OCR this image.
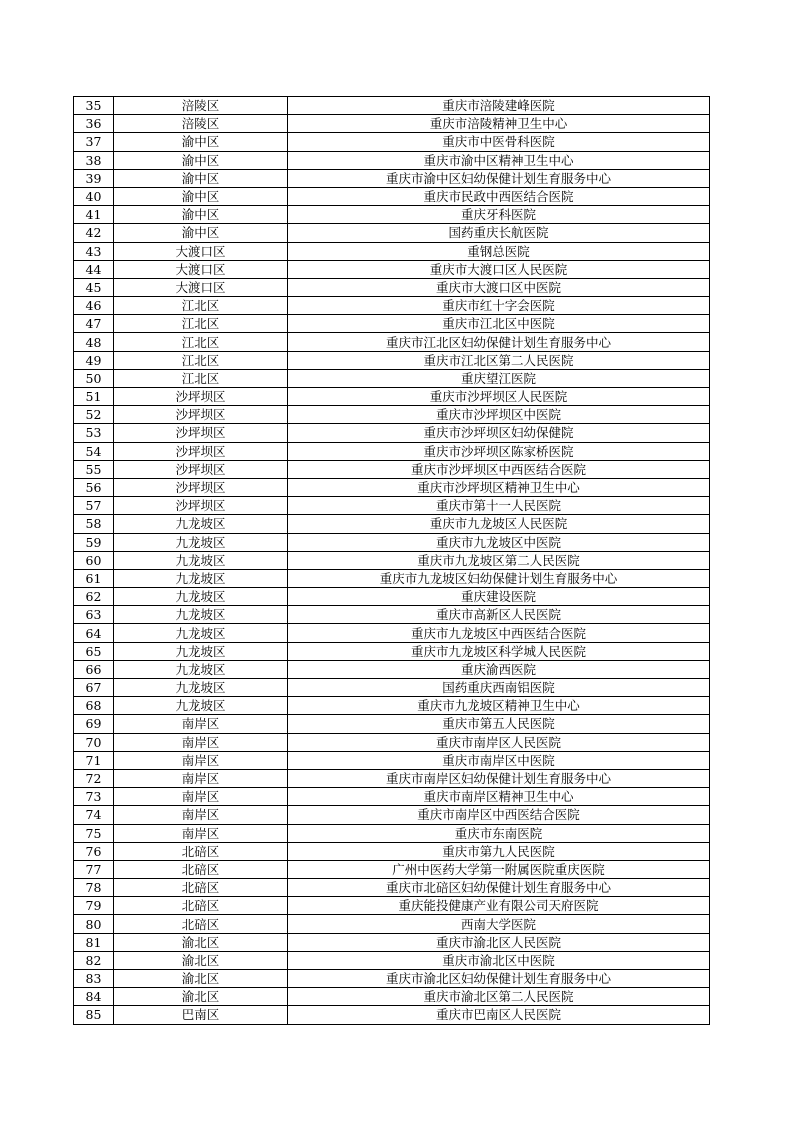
35	涪陵区	重庆市涪陵建峰医院
36	涪陵区	重庆市涪陵精神卫生中心
37	渝中区	重庆市中医骨科医院
38	渝中区	重庆市渝中区精神卫生中心
39	渝中区	重庆市渝中区妇幼保健计划生育服务中心
40	渝中区	重庆市民政中西医结合医院
41	渝中区	重庆牙科医院
42	渝中区	国药重庆长航医院
43	大渡口区	重钢总医院
44	大渡口区	重庆市大渡口区人民医院
45	大渡口区	重庆市大渡口区中医院
46	江北区	重庆市红十字会医院
47	江北区	重庆市江北区中医院
48	江北区	重庆市江北区妇幼保健计划生育服务中心
49	江北区	重庆市江北区第二人民医院
50	江北区	重庆望江医院
51	沙坪坝区	重庆市沙坪坝区人民医院
52	沙坪坝区	重庆市沙坪坝区中医院
53	沙坪坝区	重庆市沙坪坝区妇幼保健院
54	沙坪坝区	重庆市沙坪坝区陈家桥医院
55	沙坪坝区	重庆市沙坪坝区中西医结合医院
56	沙坪坝区	重庆市沙坪坝区精神卫生中心
57	沙坪坝区	重庆市第十一人民医院
58	九龙坡区	重庆市九龙坡区人民医院
59	九龙坡区	重庆市九龙坡区中医院
60	九龙坡区	重庆市九龙坡区第二人民医院
61	九龙坡区	重庆市九龙坡区妇幼保健计划生育服务中心
62	九龙坡区	重庆建设医院
63	九龙坡区	重庆市高新区人民医院
64	九龙坡区	重庆市九龙坡区中西医结合医院
65	九龙坡区	重庆市九龙坡区科学城人民医院
66	九龙坡区	重庆渝西医院
67	九龙坡区	国药重庆西南铝医院
68	九龙坡区	重庆市九龙坡区精神卫生中心
69	南岸区	重庆市第五人民医院
70	南岸区	重庆市南岸区人民医院
71	南岸区	重庆市南岸区中医院
72	南岸区	重庆市南岸区妇幼保健计划生育服务中心
73	南岸区	重庆市南岸区精神卫生中心
74	南岸区	重庆市南岸区中西医结合医院
75	南岸区	重庆市东南医院
76	北碚区	重庆市第九人民医院
77	北碚区	广州中医药大学第一附属医院重庆医院
78	北碚区	重庆市北碚区妇幼保健计划生育服务中心
79	北碚区	重庆能投健康产业有限公司天府医院
80	北碚区	西南大学医院
81	渝北区	重庆市渝北区人民医院
82	渝北区	重庆市渝北区中医院
83	渝北区	重庆市渝北区妇幼保健计划生育服务中心
84	渝北区	重庆市渝北区第二人民医院
85	巴南区	重庆市巴南区人民医院
